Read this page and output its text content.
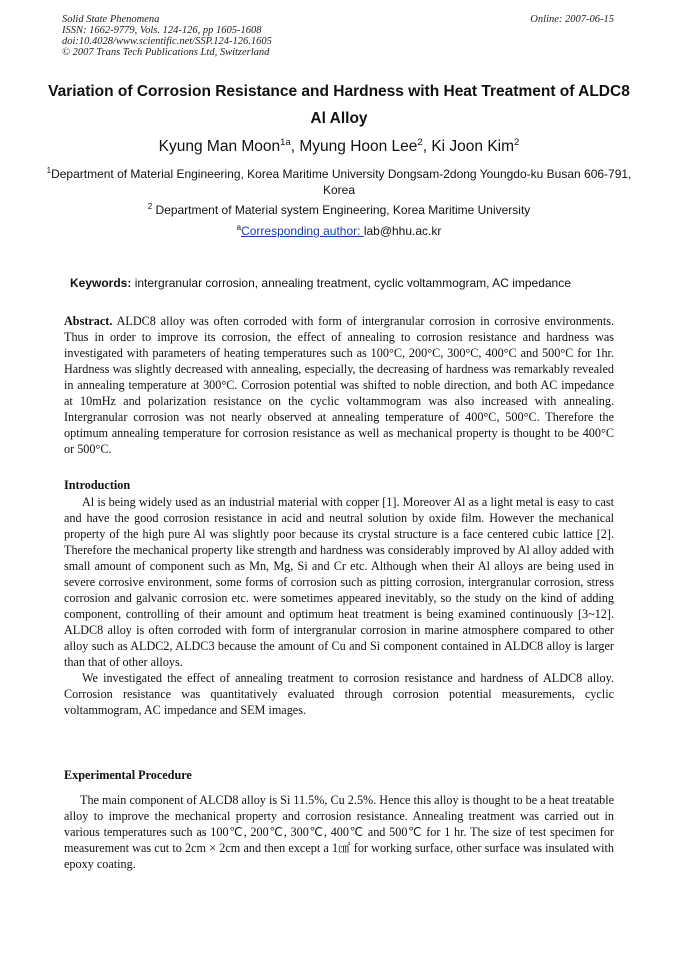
Solid State Phenomena
ISSN: 1662-9779, Vols. 124-126, pp 1605-1608
doi:10.4028/www.scientific.net/SSP.124-126.1605
© 2007 Trans Tech Publications Ltd, Switzerland
Online: 2007-06-15
Variation of Corrosion Resistance and Hardness with Heat Treatment of ALDC8 Al Alloy
Kyung Man Moon$^{1a}$, Myung Hoon Lee$^2$, Ki Joon Kim$^2$
$^1$Department of Material Engineering, Korea Maritime University Dongsam-2dong Youngdo-ku Busan 606-791, Korea
$^2$ Department of Material system Engineering, Korea Maritime University
$^a$Corresponding author: lab@hhu.ac.kr
Keywords: intergranular corrosion, annealing treatment, cyclic voltammogram, AC impedance
Abstract. ALDC8 alloy was often corroded with form of intergranular corrosion in corrosive environments. Thus in order to improve its corrosion, the effect of annealing to corrosion resistance and hardness was investigated with parameters of heating temperatures such as 100°C, 200°C, 300°C, 400°C and 500°C for 1hr. Hardness was slightly decreased with annealing, especially, the decreasing of hardness was remarkably revealed in annealing temperature at 300°C. Corrosion potential was shifted to noble direction, and both AC impedance at 10mHz and polarization resistance on the cyclic voltammogram was also increased with annealing. Intergranular corrosion was not nearly observed at annealing temperature of 400°C, 500°C. Therefore the optimum annealing temperature for corrosion resistance as well as mechanical property is thought to be 400°C or 500°C.
Introduction

Al is being widely used as an industrial material with copper [1]. Moreover Al as a light metal is easy to cast and have the good corrosion resistance in acid and neutral solution by oxide film. However the mechanical property of the high pure Al was slightly poor because its crystal structure is a face centered cubic lattice [2]. Therefore the mechanical property like strength and hardness was considerably improved by Al alloy added with small amount of component such as Mn, Mg, Si and Cr etc. Although when their Al alloys are being used in severe corrosive environment, some forms of corrosion such as pitting corrosion, intergranular corrosion, stress corrosion and galvanic corrosion etc. were sometimes appeared inevitably, so the study on the kind of adding component, controlling of their amount and optimum heat treatment is being examined continuously [3~12]. ALDC8 alloy is often corroded with form of intergranular corrosion in marine atmosphere compared to other alloy such as ALDC2, ALDC3 because the amount of Cu and Si component contained in ALDC8 alloy is larger than that of other alloys.

We investigated the effect of annealing treatment to corrosion resistance and hardness of ALDC8 alloy. Corrosion resistance was quantitatively evaluated through corrosion potential measurements, cyclic voltammogram, AC impedance and SEM images.

Experimental Procedure

The main component of ALCD8 alloy is Si 11.5%, Cu 2.5%. Hence this alloy is thought to be a heat treatable alloy to improve the mechanical property and corrosion resistance. Annealing treatment was carried out in various temperatures such as 100℃, 200℃, 300℃, 400℃ and 500℃ for 1 hr. The size of test specimen for measurement was cut to 2cm × 2cm and then except a 1㎠ for working surface, other surface was insulated with epoxy coating.
